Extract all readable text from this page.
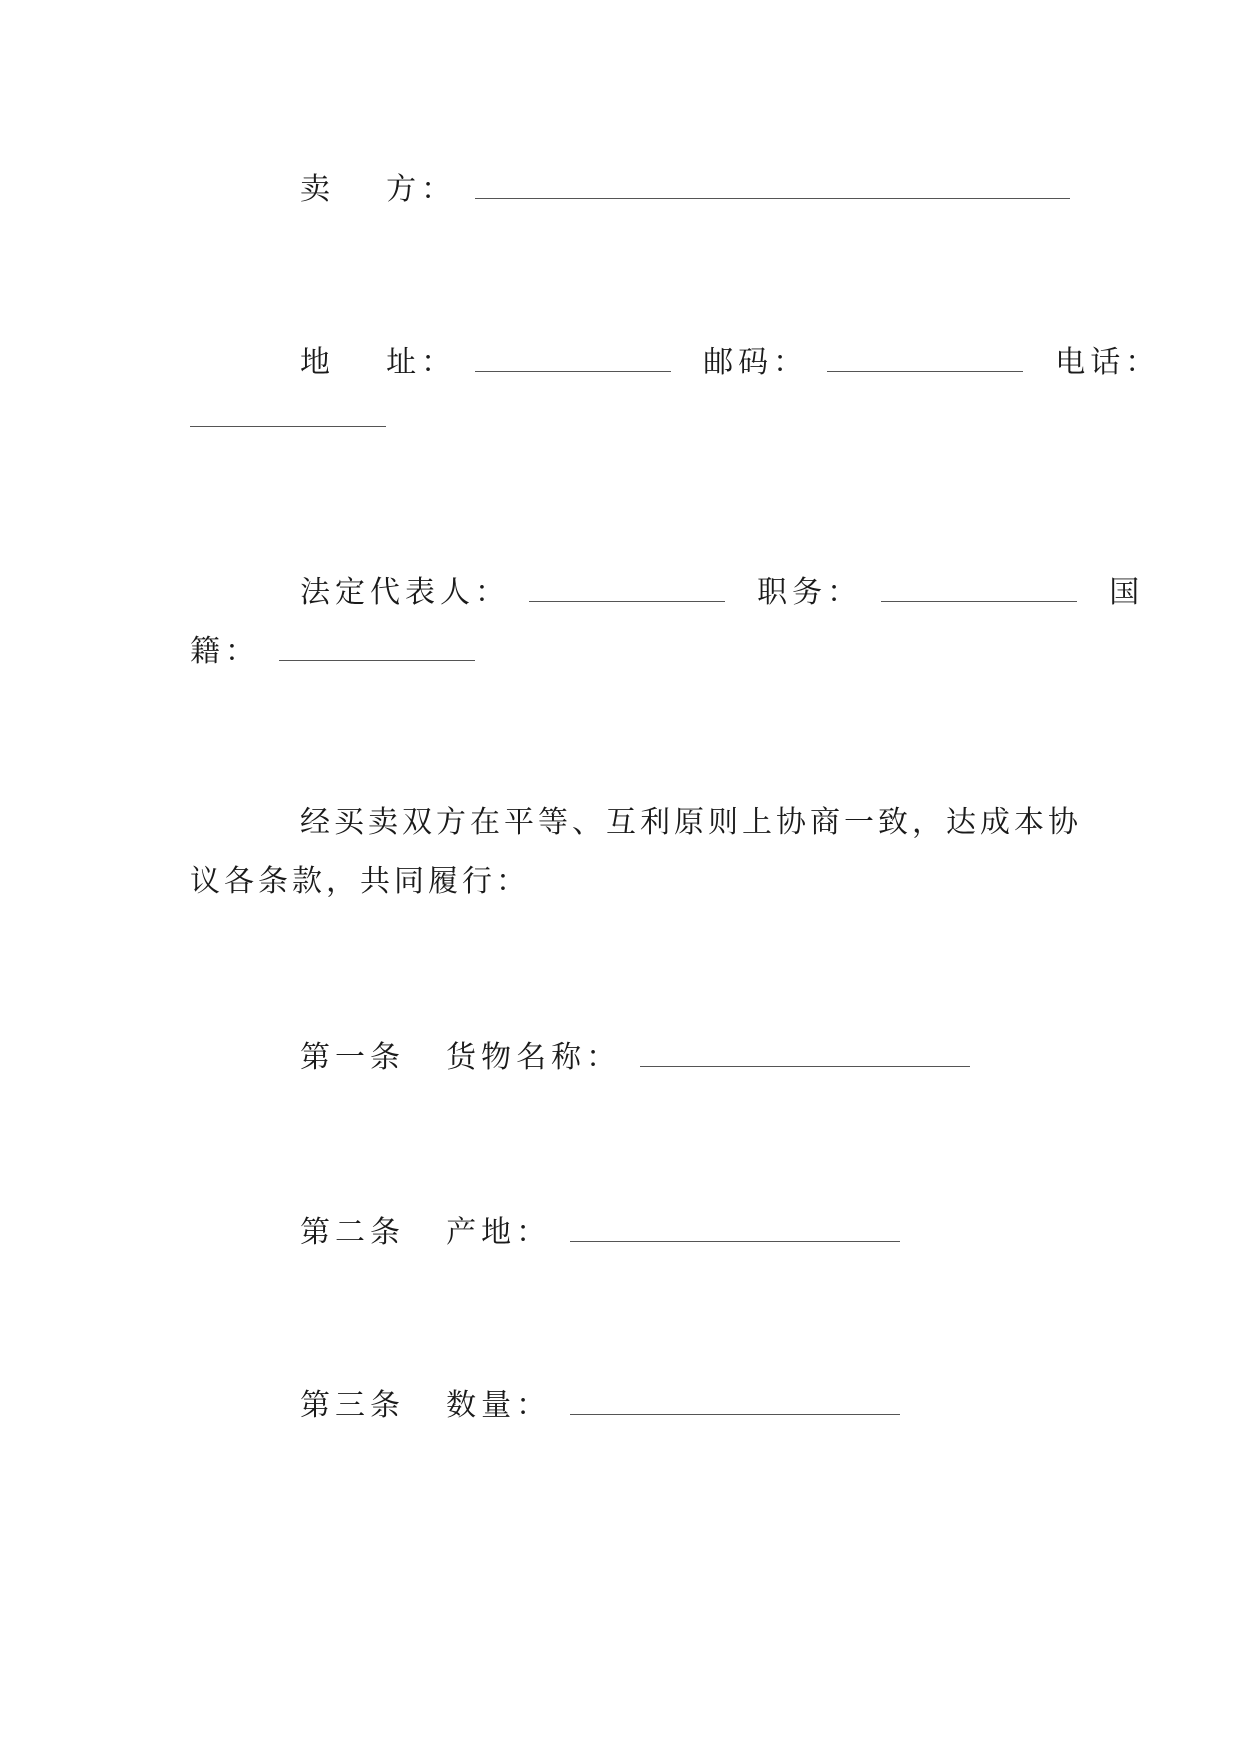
卖 方：
地 址：	邮码：	电话：
法定代表人：	职务：	国
籍：
经买卖双方在平等、互利原则上协商一致，达成本协
议各条款，共同履行：
第一条 货物名称：
第二条 产地：
第三条 数量：
